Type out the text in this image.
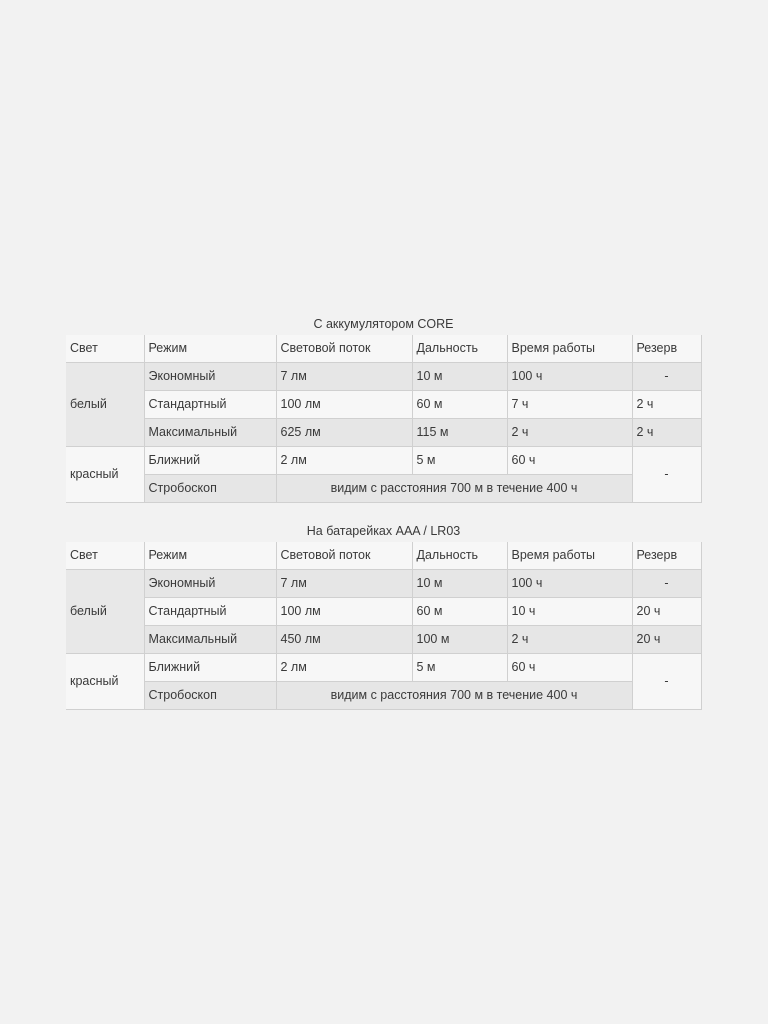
С аккумулятором CORE
Свет	Режим	Световой поток	Дальность	Время работы	Резерв
белый	Экономный	7 лм	10 м	100 ч	-
	Стандартный	100 лм	60 м	7 ч	2 ч
	Максимальный	625 лм	115 м	2 ч	2 ч
красный	Ближний	2 лм	5 м	60 ч	-
	Стробоскоп	видим с расстояния 700 м в течение 400 ч			
На батарейках AAA / LR03
Свет	Режим	Световой поток	Дальность	Время работы	Резерв
белый	Экономный	7 лм	10 м	100 ч	-
	Стандартный	100 лм	60 м	10 ч	20 ч
	Максимальный	450 лм	100 м	2 ч	20 ч
красный	Ближний	2 лм	5 м	60 ч	-
	Стробоскоп	видим с расстояния 700 м в течение 400 ч			
